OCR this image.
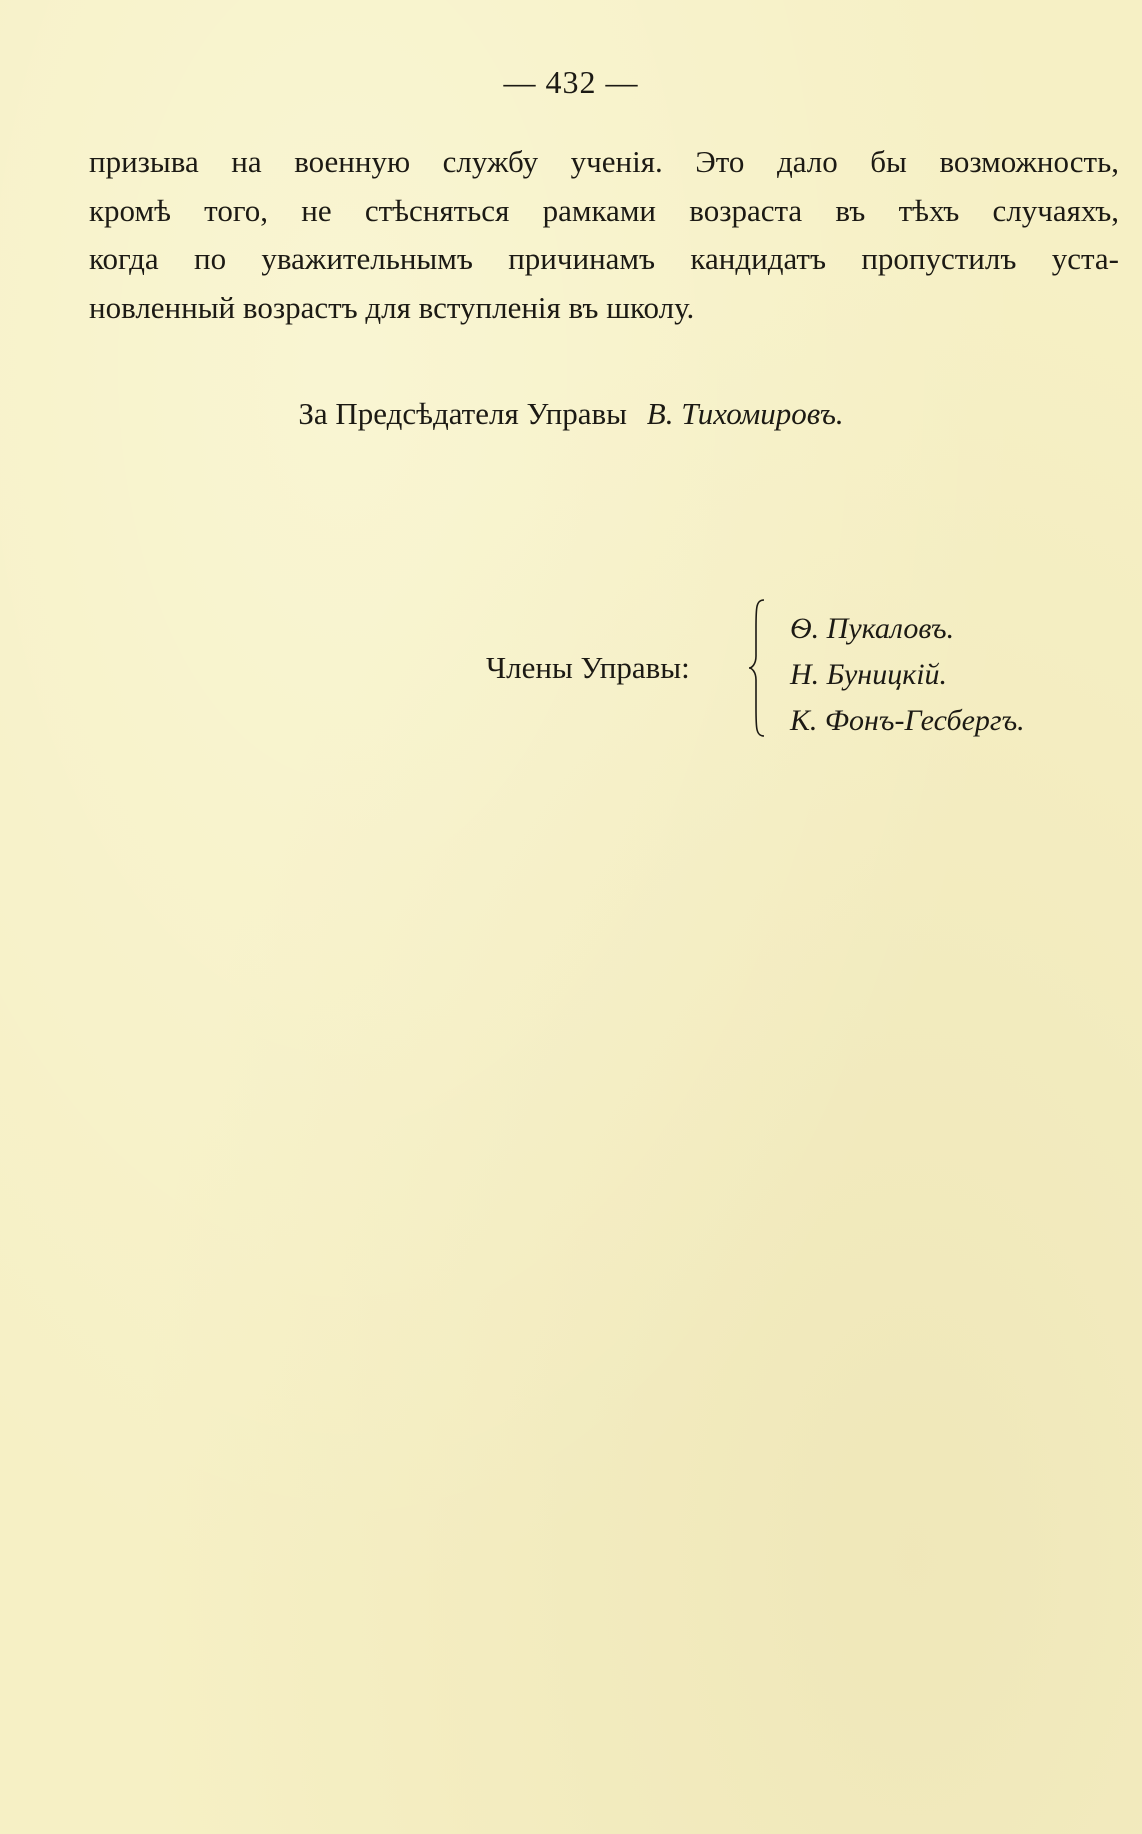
— 432 —
призыва на военную службу ученія. Это дало бы возможность,
кромѣ того, не стѣсняться рамками возраста въ тѣхъ случаяхъ,
когда по уважительнымъ причинамъ кандидатъ пропустилъ уста-
новленный возрастъ для вступленія въ школу.
За Предсѣдателя Управы В. Тихомировъ.
Члены Управы:
Ѳ. Пукаловъ.
Н. Буницкій.
К. Фонъ-Гесбергъ.
